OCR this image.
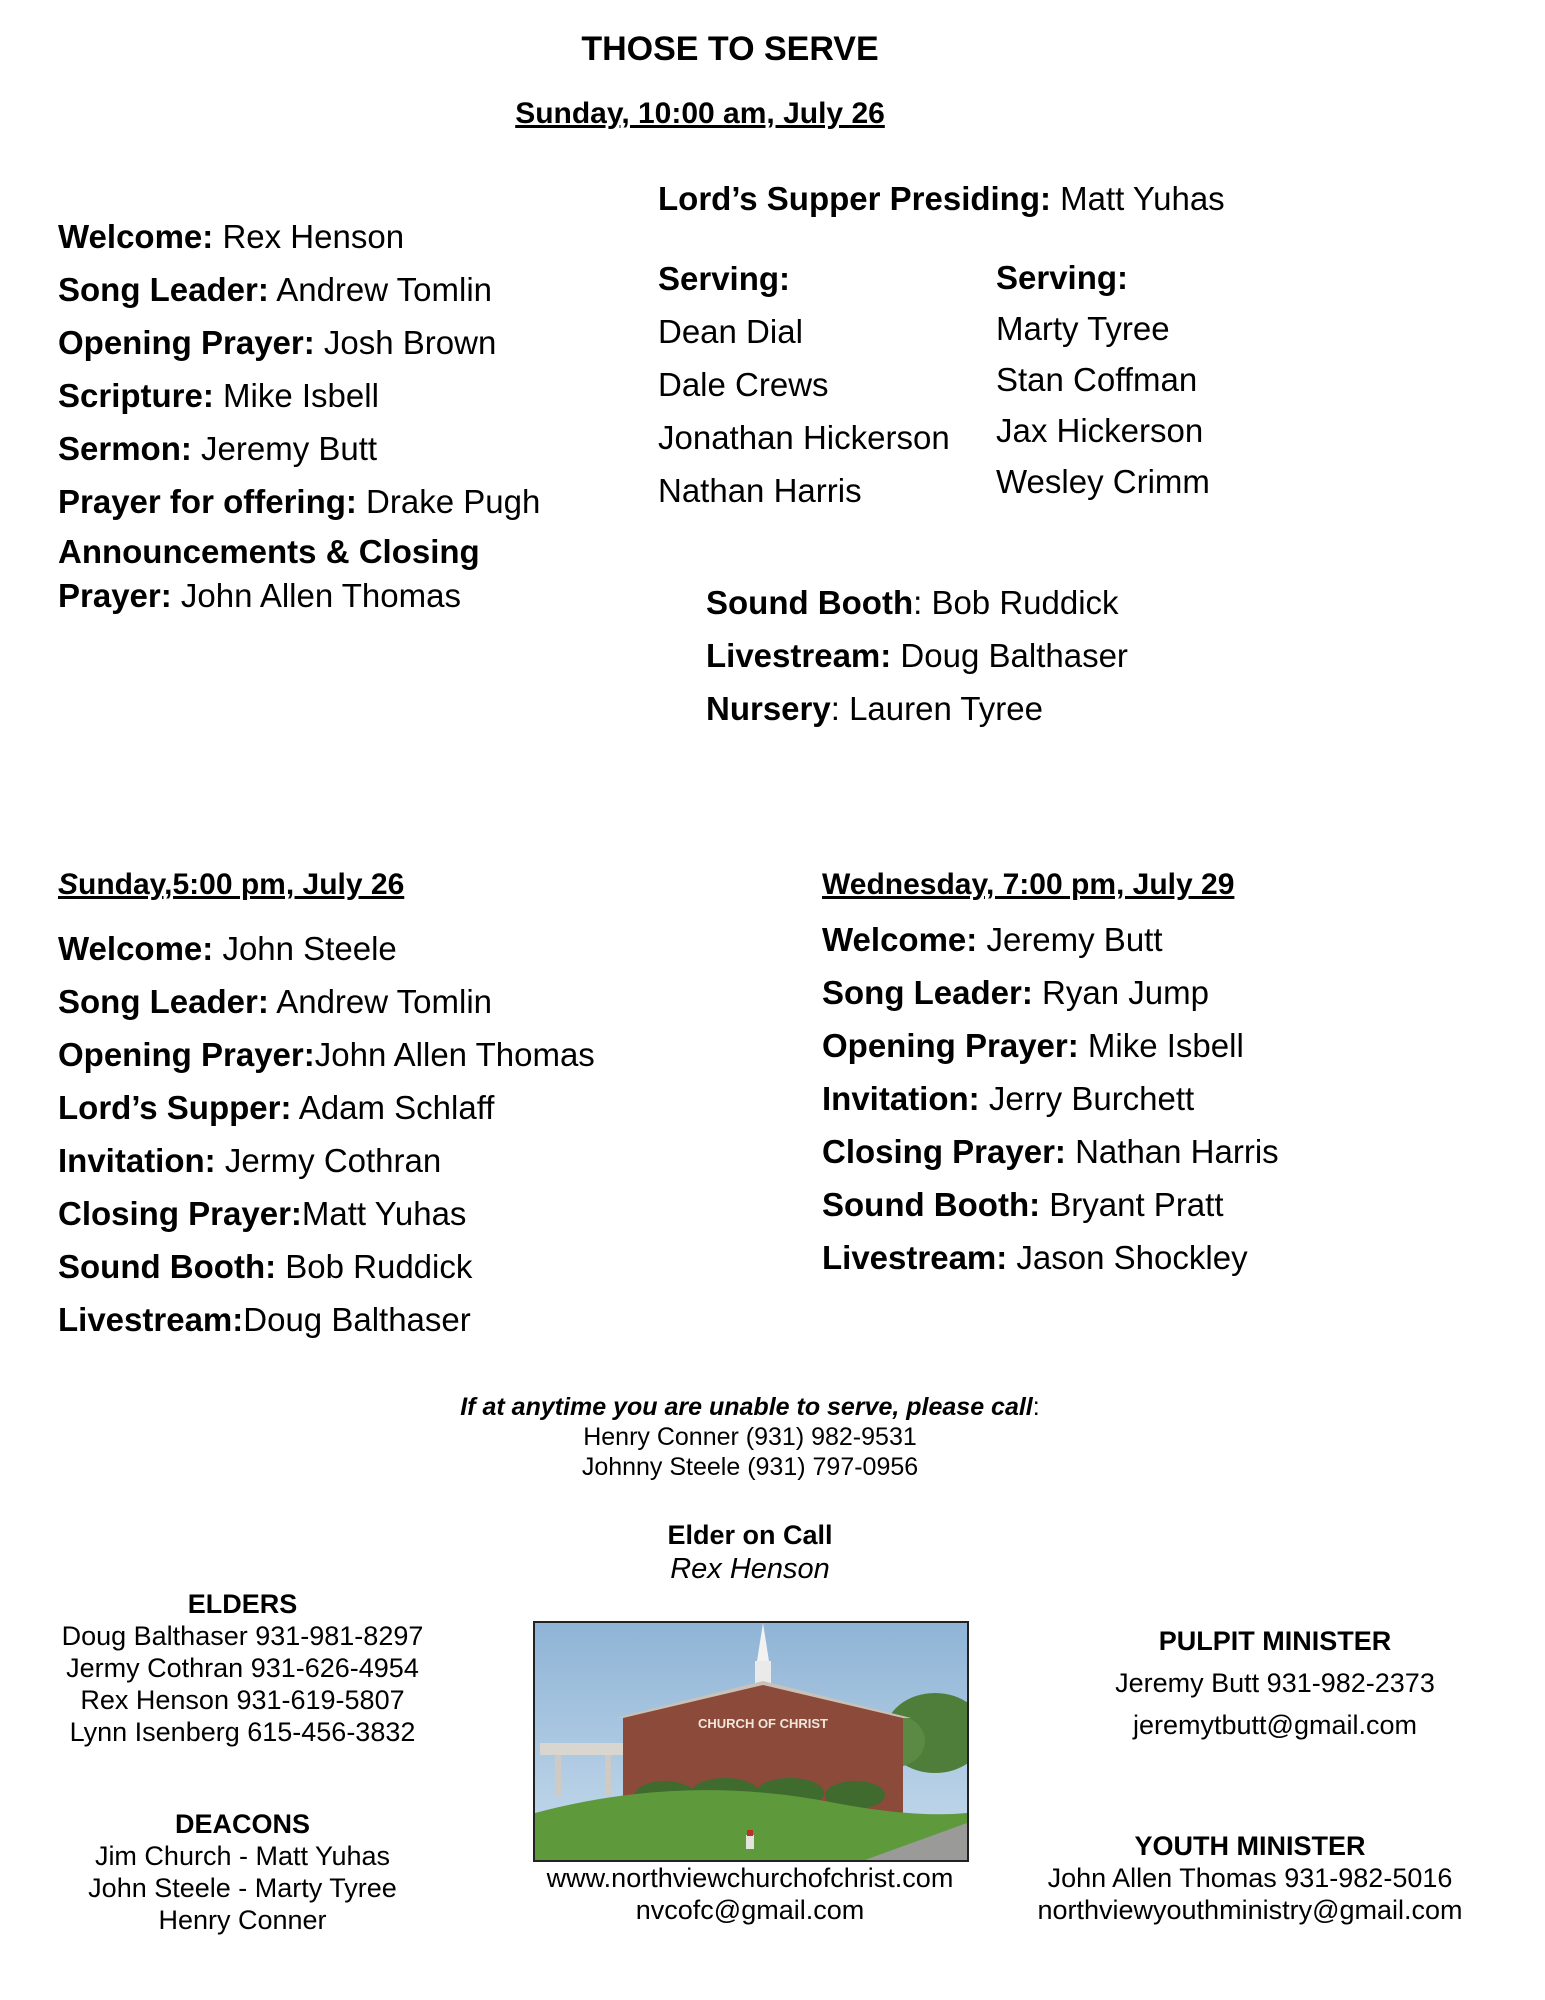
THOSE TO SERVE
Sunday, 10:00 am, July 26
Welcome: Rex Henson
Song Leader: Andrew Tomlin
Opening Prayer: Josh Brown
Scripture: Mike Isbell
Sermon: Jeremy Butt
Prayer for offering: Drake Pugh
Announcements & Closing Prayer: John Allen Thomas
Lord’s Supper Presiding: Matt Yuhas
Serving:
Dean Dial
Dale Crews
Jonathan Hickerson
Nathan Harris
Serving:
Marty Tyree
Stan Coffman
Jax Hickerson
Wesley Crimm
Sound Booth: Bob Ruddick
Livestream: Doug Balthaser
Nursery: Lauren Tyree
Sunday,5:00 pm, July 26
Welcome: John Steele
Song Leader: Andrew Tomlin
Opening Prayer:John Allen Thomas
Lord’s Supper: Adam Schlaff
Invitation: Jermy Cothran
Closing Prayer:Matt Yuhas
Sound Booth: Bob Ruddick
Livestream:Doug Balthaser
Wednesday, 7:00 pm, July 29
Welcome: Jeremy Butt
Song Leader: Ryan Jump
Opening Prayer: Mike Isbell
Invitation: Jerry Burchett
Closing Prayer: Nathan Harris
Sound Booth: Bryant Pratt
Livestream: Jason Shockley
If at anytime you are unable to serve, please call:
Henry Conner (931) 982-9531
Johnny Steele (931) 797-0956
Elder on Call
Rex Henson
ELDERS
Doug Balthaser 931-981-8297
Jermy Cothran 931-626-4954
Rex Henson 931-619-5807
Lynn Isenberg 615-456-3832
DEACONS
Jim Church - Matt Yuhas
John Steele - Marty Tyree
Henry Conner
CHURCH OF CHRIST
www.northviewchurchofchrist.com
nvcofc@gmail.com
PULPIT MINISTER
Jeremy Butt 931-982-2373
jeremytbutt@gmail.com
YOUTH MINISTER
John Allen Thomas 931-982-5016
northviewyouthministry@gmail.com
